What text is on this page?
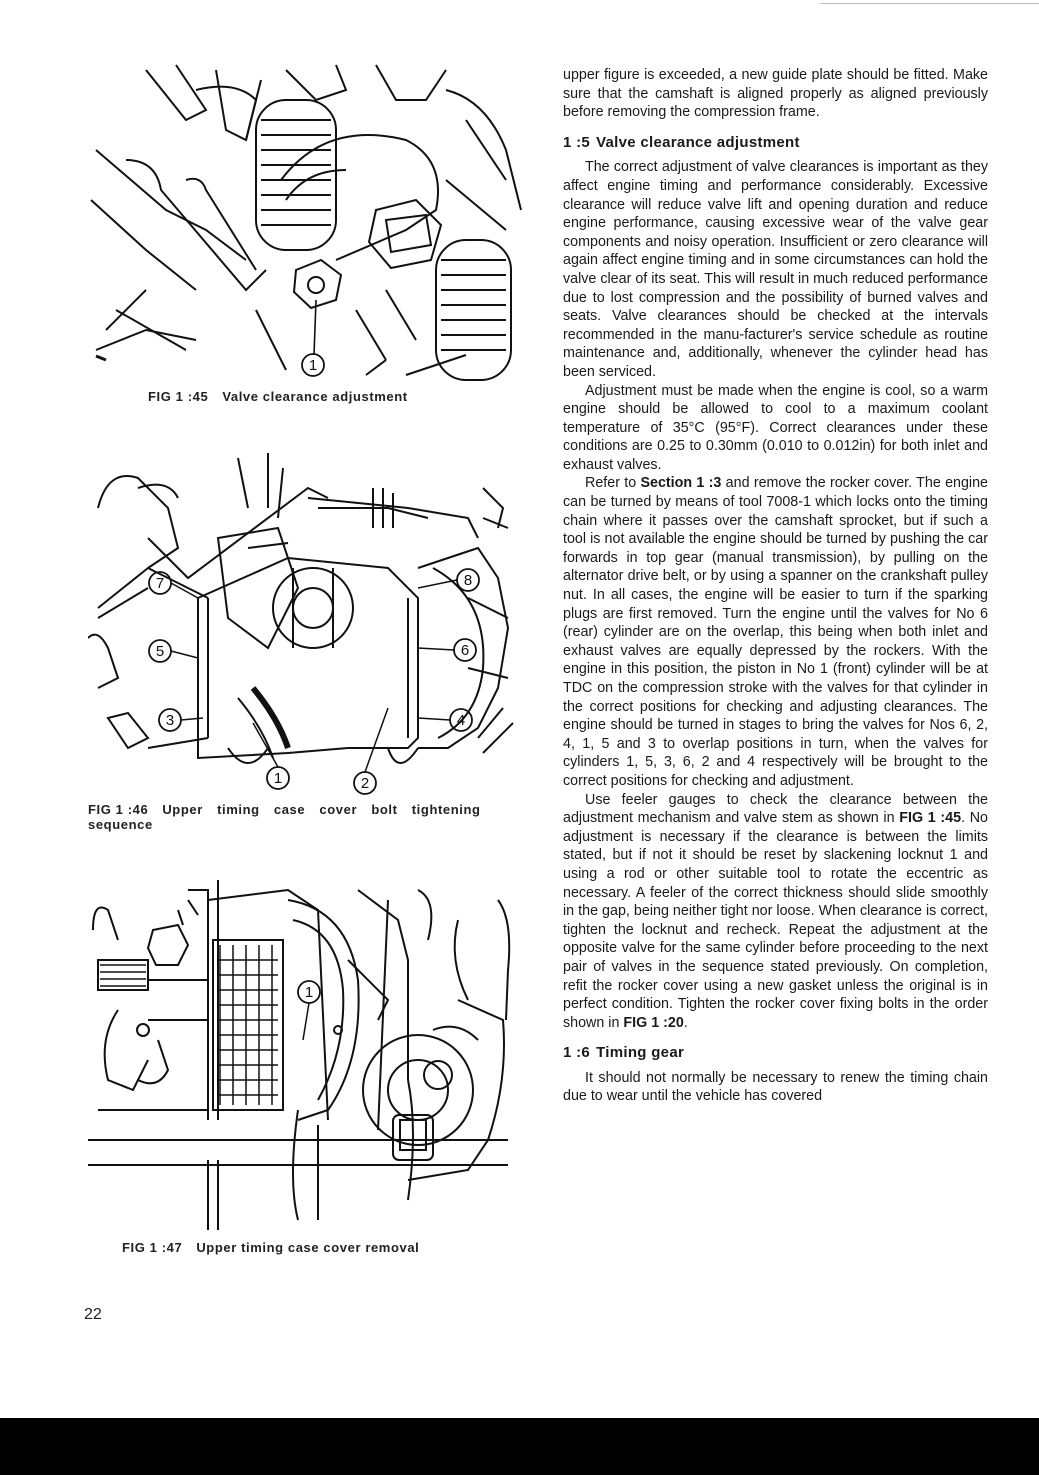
1
FIG 1 :45 Valve clearance adjustment
7
5
3
1	2
4
6
8
FIG 1 :46 Upper timing case cover bolt tightening sequence
1
FIG 1 :47 Upper timing case cover removal

upper figure is exceeded, a new guide plate should be fitted. Make sure that the camshaft is aligned properly as aligned previously before removing the compression frame.

1 :5 Valve clearance adjustment

The correct adjustment of valve clearances is important as they affect engine timing and performance considerably. Excessive clearance will reduce valve lift and opening duration and reduce engine performance, causing excessive wear of the valve gear components and noisy operation. Insufficient or zero clearance will again affect engine timing and in some circumstances can hold the valve clear of its seat. This will result in much reduced performance due to lost compression and the possibility of burned valves and seats. Valve clearances should be checked at the intervals recommended in the manu-facturer's service schedule as routine maintenance and, additionally, whenever the cylinder head has been serviced.

Adjustment must be made when the engine is cool, so a warm engine should be allowed to cool to a maximum coolant temperature of 35°C (95°F). Correct clearances under these conditions are 0.25 to 0.30mm (0.010 to 0.012in) for both inlet and exhaust valves.

Refer to Section 1 :3 and remove the rocker cover. The engine can be turned by means of tool 7008-1 which locks onto the timing chain where it passes over the camshaft sprocket, but if such a tool is not available the engine should be turned by pushing the car forwards in top gear (manual transmission), by pulling on the alternator drive belt, or by using a spanner on the crankshaft pulley nut. In all cases, the engine will be easier to turn if the sparking plugs are first removed. Turn the engine until the valves for No 6 (rear) cylinder are on the overlap, this being when both inlet and exhaust valves are equally depressed by the rockers. With the engine in this position, the piston in No 1 (front) cylinder will be at TDC on the compression stroke with the valves for that cylinder in the correct positions for checking and adjusting clearances. The engine should be turned in stages to bring the valves for Nos 6, 2, 4, 1, 5 and 3 to overlap positions in turn, when the valves for cylinders 1, 5, 3, 6, 2 and 4 respectively will be brought to the correct positions for checking and adjustment.

Use feeler gauges to check the clearance between the adjustment mechanism and valve stem as shown in FIG 1 :45. No adjustment is necessary if the clearance is between the limits stated, but if not it should be reset by slackening locknut 1 and using a rod or other suitable tool to rotate the eccentric as necessary. A feeler of the correct thickness should slide smoothly in the gap, being neither tight nor loose. When clearance is correct, tighten the locknut and recheck. Repeat the adjustment at the opposite valve for the same cylinder before proceeding to the next pair of valves in the sequence stated previously. On completion, refit the rocker cover using a new gasket unless the original is in perfect condition. Tighten the rocker cover fixing bolts in the order shown in FIG 1 :20.

1 :6 Timing gear

It should not normally be necessary to renew the timing chain due to wear until the vehicle has covered

22
